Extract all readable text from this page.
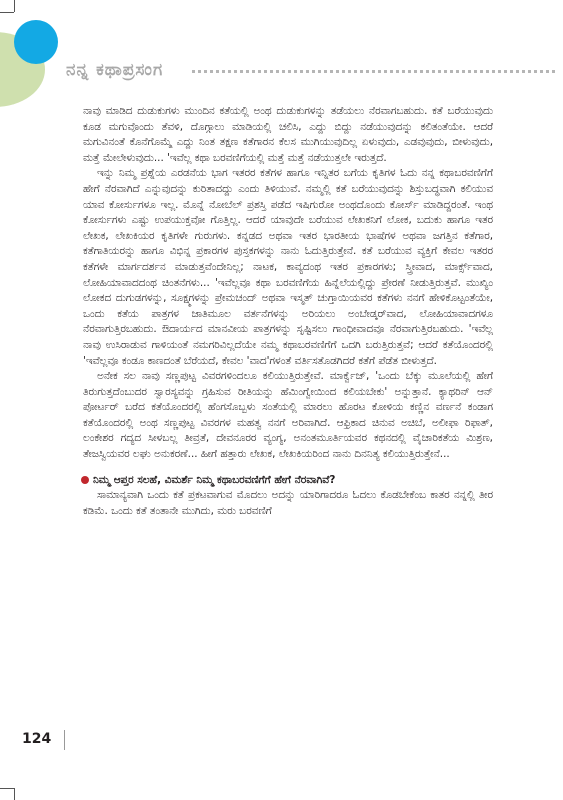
ನನ್ನ ಕಥಾಪ್ರಸಂಗ

ನಾವು ಮಾಡಿದ ದುಡುಕುಗಳು ಮುಂದಿನ ಕತೆಯಲ್ಲಿ ಅಂಥ ದುಡುಕುಗಳನ್ನು ತಡೆಯಲು ನೆರವಾಗಬಹುದು. ಕತೆ ಬರೆಯುವುದು ಕೂಡ ಮಗುವೊಂದು ತೆವಳಿ, ದೊಗ್ಗಾಲು ಮಾಡಿಯಲ್ಲಿ ಚಲಿಸಿ, ಎದ್ದು ಬಿದ್ದು ನಡೆಯುವುದನ್ನು ಕಲಿತಂತೆಯೇ. ಆದರೆ ಮಗುವಿನಂತೆ ಕೊನೆಗೊಮ್ಮೆ ಎದ್ದು ನಿಂತ ತಕ್ಷಣ ಕತೆಗಾರನ ಕೆಲಸ ಮುಗಿಯುವುದಿಲ್ಲ ಏಳುವುದು, ಎಡವುವುದು, ಬೀಳುವುದು, ಮತ್ತೆ ಮೇಲೇಳುವುದು... 'ಇವೆಲ್ಲ ಕಥಾ ಬರವಣಿಗೆಯಲ್ಲಿ ಮತ್ತೆ ಮತ್ತೆ ನಡೆಯುತ್ತಲೇ ಇರುತ್ತದೆ.

ಇನ್ನು ನಿಮ್ಮ ಪ್ರಶ್ನೆಯ ಎರಡನೆಯ ಭಾಗ ಇತರರ ಕತೆಗಳ ಹಾಗೂ ಇನ್ನಿತರ ಬಗೆಯ ಕೃತಿಗಳ ಓದು ನನ್ನ ಕಥಾಬರವಣಿಗೆಗೆ ಹೇಗೆ ನೆರವಾಗಿದೆ ಎನ್ನುವುದನ್ನು ಕುರಿತಾದದ್ದು ಎಂದು ತಿಳಿಯುವೆ. ನಮ್ಮಲ್ಲಿ ಕತೆ ಬರೆಯುವುದನ್ನು ಶಿಸ್ತುಬದ್ಧವಾಗಿ ಕಲಿಯುವ ಯಾವ ಕೋರ್ಸುಗಳೂ ಇಲ್ಲ. ಮೊನ್ನೆ ನೋಬೆಲ್ ಪ್ರಶಸ್ತಿ ಪಡೆದ ಇಷಿಗುರೋ ಅಂಥದೊಂದು ಕೋರ್ಸ್ ಮಾಡಿದ್ದರಂತೆ. ಇಂಥ ಕೋರ್ಸುಗಳು ಎಷ್ಟು ಉಪಯುಕ್ತವೋ ಗೊತ್ತಿಲ್ಲ. ಆದರೆ ಯಾವುದೇ ಬರೆಯುವ ಲೇಖಕನಿಗೆ ಲೋಕ, ಬದುಕು ಹಾಗೂ ಇತರ ಲೇಖಕ, ಲೇಖಕಿಯರ ಕೃತಿಗಳೇ ಗುರುಗಳು. ಕನ್ನಡದ ಅಥವಾ ಇತರ ಭಾರತೀಯ ಭಾಷೆಗಳ ಅಥವಾ ಜಗತ್ತಿನ ಕತೆಗಾರ, ಕತೆಗಾತಿಯರನ್ನು ಹಾಗೂ ವಿಭಿನ್ನ ಪ್ರಕಾರಗಳ ಪುಸ್ತಕಗಳನ್ನು ನಾನು ಓದುತ್ತಿರುತ್ತೇನೆ. ಕತೆ ಬರೆಯುವ ವ್ಯಕ್ತಿಗೆ ಕೇವಲ ಇತರರ ಕತೆಗಳೇ ಮಾರ್ಗದರ್ಶನ ಮಾಡುತ್ತವೆಂದೇನಿಲ್ಲ; ನಾಟಕ, ಕಾವ್ಯದಂಥ ಇತರ ಪ್ರಕಾರಗಳು; ಸ್ತ್ರೀವಾದ, ಮಾರ್ಕ್ಸ್‌ವಾದ, ಲೋಹಿಯಾವಾದದಂಥ ಚಿಂತನೆಗಳು... 'ಇವೆಲ್ಲವೂ ಕಥಾ ಬರವಣಿಗೆಯ ಹಿನ್ನೆಲೆಯಲ್ಲಿದ್ದು ಪ್ರೇರಣೆ ನೀಡುತ್ತಿರುತ್ತವೆ. ಮುಖ್ಯಿಂ ಲೋಕದ ದುಗುಡಗಳನ್ನು, ಸೂಕ್ಷ್ಮಗಳನ್ನು ಪ್ರೇಮಚಂದ್ ಅಥವಾ ಇಸ್ಮತ್ ಚುಗ್ತಾಯಿಯವರ ಕತೆಗಳು ನನಗೆ ಹೇಳಿಕೊಟ್ಟಂತೆಯೇ, ಒಂದು ಕತೆಯ ಪಾತ್ರಗಳ ಜಾತಿಮೂಲ ವರ್ತನೆಗಳನ್ನು ಅರಿಯಲು ಅಂಬೇಡ್ಕರ್‌ವಾದ, ಲೋಹಿಯಾವಾದಗಳೂ ನೆರವಾಗುತ್ತಿರಬಹುದು. ಔದಾರ್ಯದ ಮಾನವೀಯ ಪಾತ್ರಗಳನ್ನು ಸೃಷ್ಟಿಸಲು ಗಾಂಧೀವಾದವೂ ನೆರವಾಗುತ್ತಿರಬಹುದು. 'ಇವೆಲ್ಲ ನಾವು ಉಸಿರಾಡುವ ಗಾಳಿಯಂತೆ ನಮಗರಿವಿಲ್ಲದೆಯೇ ನಮ್ಮ ಕಥಾಬರವಣಿಗೆಗೆ ಒದಗಿ ಬರುತ್ತಿರುತ್ತವೆ; ಆದರೆ ಕತೆಯೊಂದರಲ್ಲಿ 'ಇವೆಲ್ಲವೂ ಕಂಡೂ ಕಾಣದಂತೆ ಬೆರೆಯದೆ, ಕೇವಲ 'ವಾದ'ಗಳಂತೆ ವರ್ತಿಸತೊಡಗಿದರೆ ಕತೆಗೆ ಪೆಡೆತ ಬೀಳುತ್ತದೆ.

ಅನೇಕ ಸಲ ನಾವು ಸಣ್ಣಪುಟ್ಟ ವಿವರಗಳಿಂದಲೂ ಕಲಿಯುತ್ತಿರುತ್ತೇವೆ. ಮಾರ್ಕ್ವೆಜ್, 'ಒಂದು ಬೆಕ್ಕು ಮೂಲೆಯಲ್ಲಿ ಹೇಗೆ ತಿರುಗುತ್ತದೆಂಬುದರ ಸ್ವಾರಸ್ಯವನ್ನು ಗ್ರಹಿಸುವ ರೀತಿಯನ್ನು ಹೆಮಿಂಗ್ವೇಯಿಂದ ಕಲಿಯಬೇಕು' ಅನ್ನುತ್ತಾನೆ. ಕ್ಯಾಥರಿನ್ ಆನ್ ಪೋರ್ಟರ್ ಬರೆದ ಕತೆಯೊಂದರಲ್ಲಿ ಹೆಂಗಸೊಬ್ಬಳು ಸಂತೆಯಲ್ಲಿ ಮಾರಲು ಹೊರಟ ಕೋಳಿಯ ಕಣ್ಣಿನ ವರ್ಣನೆ ಕಂಡಾಗ ಕತೆಯೊಂದರಲ್ಲಿ ಅಂಥ ಸಣ್ಣಪುಟ್ಟ ವಿವರಗಳ ಮಹತ್ವ ನನಗೆ ಅರಿವಾಗಿದೆ. ಆಫ್ರಿಕಾದ ಚಿನುವ ಅಚಿಬೆ, ಅಲೀಫಾ ರಿಫಾತ್, ಲಂಕೇಶರ ಗದ್ಯದ ಸೀಳಬಲ್ಲ ತೀವ್ರತೆ, ದೇವನೂರರ ವ್ಯಂಗ್ಯ, ಅನಂತಮೂರ್ತಿಯವರ ಕಥನದಲ್ಲಿ ವೈಚಾರಿಕತೆಯ ಮಿಶ್ರಣ, ತೇಜಸ್ವಿಯವರ ಲಘು ಅನುಕರಣೆ... ಹೀಗೆ ಹತ್ತಾರು ಲೇಖಕ, ಲೇಖಕಿಯರಿಂದ ನಾನು ದಿನನಿತ್ಯ ಕಲಿಯುತ್ತಿರುತ್ತೇನೆ...

ನಿಮ್ಮ ಆಪ್ತರ ಸಲಹೆ, ವಿಮರ್ಶೆ ನಿಮ್ಮ ಕಥಾಬರವಣಿಗೆಗೆ ಹೇಗೆ ನೆರವಾಗಿವೆ?

ಸಾಮಾನ್ಯವಾಗಿ ಒಂದು ಕತೆ ಪ್ರಕಟವಾಗುವ ಮೊದಲು ಅದನ್ನು ಯಾರಿಗಾದರೂ ಓದಲು ಕೊಡಬೇಕೆಂಬ ಕಾತರ ನನ್ನಲ್ಲಿ ತೀರ ಕಡಿಮೆ. ಒಂದು ಕತೆ ತಂತಾನೇ ಮುಗಿದು, ಮರು ಬರವಣಿಗೆ

124
